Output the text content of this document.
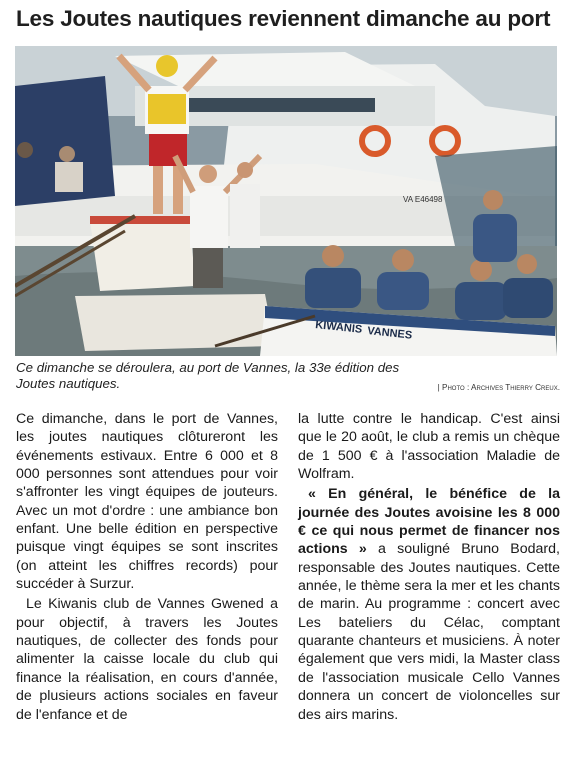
Les Joutes nautiques reviennent dimanche au port
VA E46498
KIWANIS VANNES
Ce dimanche se déroulera, au port de Vannes, la 33e édition des Joutes nautiques.	| Photo : Archives Thierry Creux.

Ce dimanche, dans le port de Vannes, les joutes nautiques clôtureront les événements estivaux. Entre 6 000 et 8 000 personnes sont attendues pour voir s'affronter les vingt équipes de jouteurs. Avec un mot d'ordre : une ambiance bon enfant. Une belle édition en perspective puisque vingt équipes se sont inscrites (on atteint les chiffres records) pour succéder à Surzur.

Le Kiwanis club de Vannes Gwened a pour objectif, à travers les Joutes nautiques, de collecter des fonds pour alimenter la caisse locale du club qui finance la réalisation, en cours d'année, de plusieurs actions sociales en faveur de l'enfance et de

la lutte contre le handicap. C'est ainsi que le 20 août, le club a remis un chèque de 1 500 € à l'association Maladie de Wolfram.

« En général, le bénéfice de la journée des Joutes avoisine les 8 000 € ce qui nous permet de financer nos actions » a souligné Bruno Bodard, responsable des Joutes nautiques. Cette année, le thème sera la mer et les chants de marin. Au programme : concert avec Les bateliers du Célac, comptant quarante chanteurs et musiciens. À noter également que vers midi, la Master class de l'association musicale Cello Vannes donnera un concert de violoncelles sur des airs marins.
